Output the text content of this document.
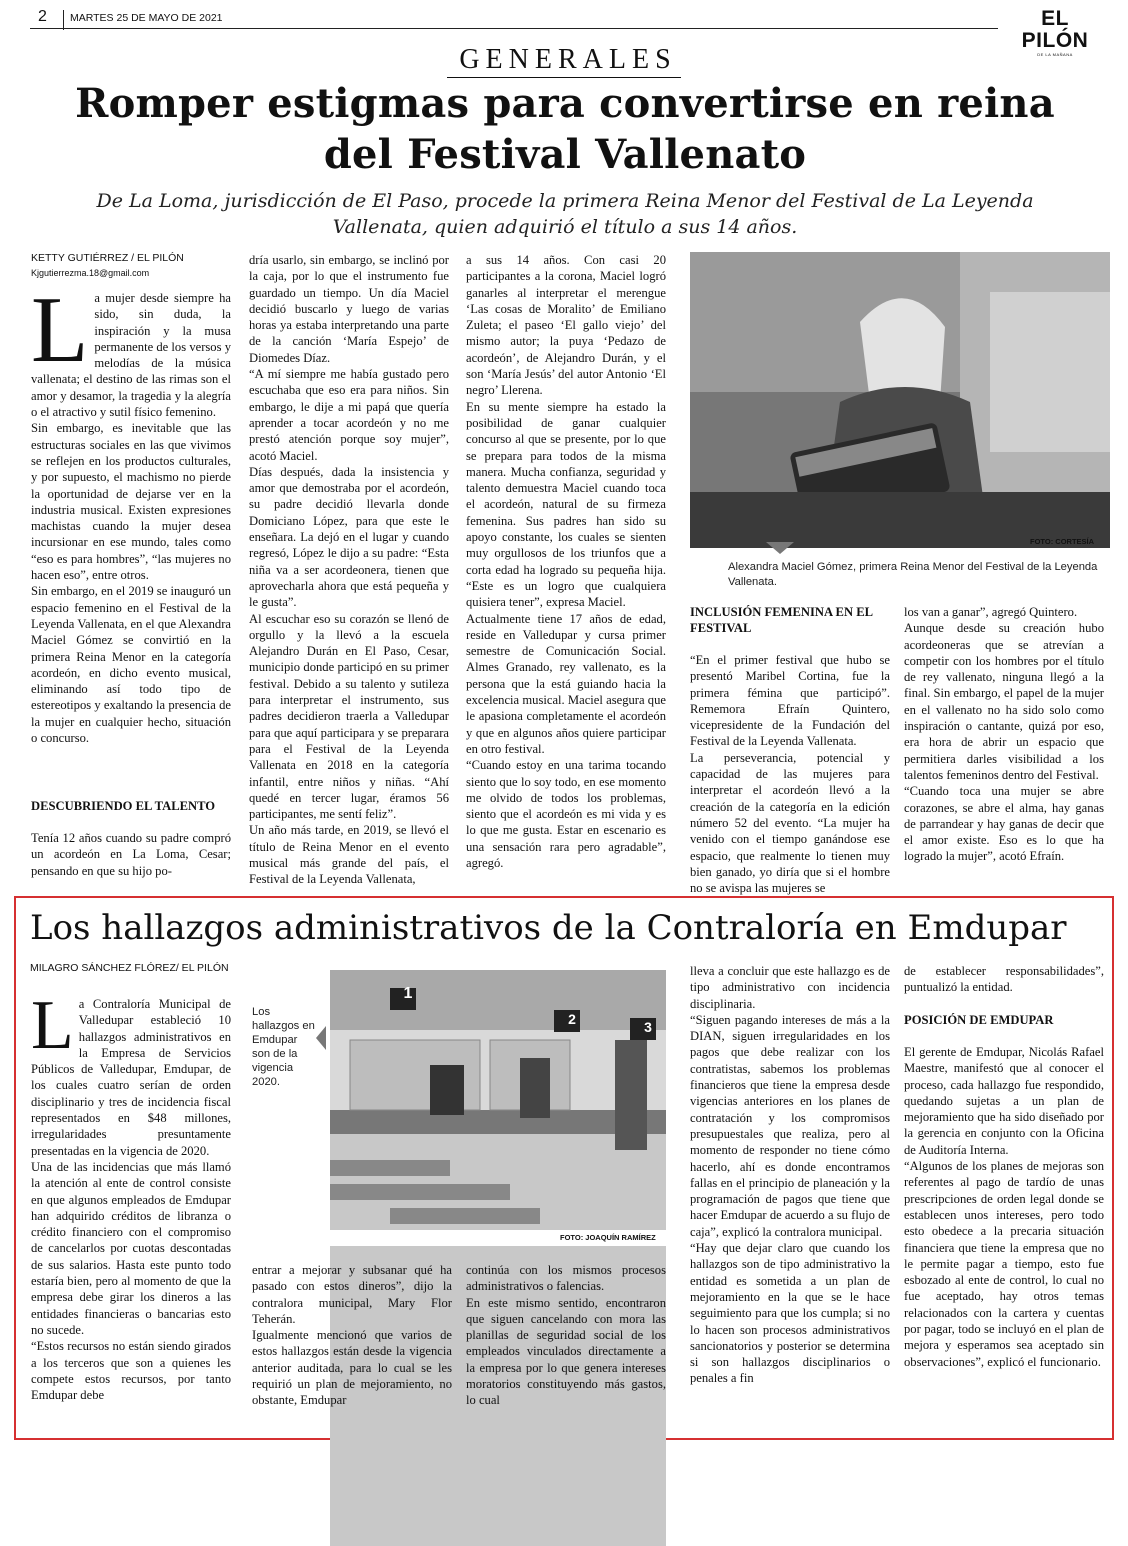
2 MARTES 25 DE MAYO DE 2021	EL PILÓN
DE LA MAÑANA
GENERALES
Romper estigmas para convertirse en reina del Festival Vallenato
De La Loma, jurisdicción de El Paso, procede la primera Reina Menor del Festival de La Leyenda Vallenata, quien adquirió el título a sus 14 años.
KETTY GUTIÉRREZ / EL PILÓN
Kjgutierrezma.18@gmail.com
L a mujer desde siempre ha sido, sin duda, la inspiración y la musa permanente de los versos y melodías de la música vallenata; el destino de las rimas son el amor y desamor, la tragedia y la alegría o el atractivo y sutil físico femenino.

Sin embargo, es inevitable que las estructuras sociales en las que vivimos se reflejen en los productos culturales, y por supuesto, el machismo no pierde la oportunidad de dejarse ver en la industria musical. Existen expresiones machistas cuando la mujer desea incursionar en ese mundo, tales como “eso es para hombres”, “las mujeres no hacen eso”, entre otros.

Sin embargo, en el 2019 se inauguró un espacio femenino en el Festival de la Leyenda Vallenata, en el que Alexandra Maciel Gómez se convirtió en la primera Reina Menor en la categoría acordeón, en dicho evento musical, eliminando así todo tipo de estereotipos y exaltando la presencia de la mujer en cualquier hecho, situación o concurso.

DESCUBRIENDO EL TALENTO
Tenía 12 años cuando su padre compró un acordeón en La Loma, Cesar; pensando en que su hijo po-

dría usarlo, sin embargo, se inclinó por la caja, por lo que el instrumento fue guardado un tiempo. Un día Maciel decidió buscarlo y luego de varias horas ya estaba interpretando una parte de la canción ‘María Espejo’ de Diomedes Díaz.

“A mí siempre me había gustado pero escuchaba que eso era para niños. Sin embargo, le dije a mi papá que quería aprender a tocar acordeón y no me prestó atención porque soy mujer”, acotó Maciel.

Días después, dada la insistencia y amor que demostraba por el acordeón, su padre decidió llevarla donde Domiciano López, para que este le enseñara. La dejó en el lugar y cuando regresó, López le dijo a su padre: “Esta niña va a ser acordeonera, tienen que aprovecharla ahora que está pequeña y le gusta”.

Al escuchar eso su corazón se llenó de orgullo y la llevó a la escuela Alejandro Durán en El Paso, Cesar, municipio donde participó en su primer festival. Debido a su talento y sutileza para interpretar el instrumento, sus padres decidieron traerla a Valledupar para que aquí participara y se preparara para el Festival de la Leyenda Vallenata en 2018 en la categoría infantil, entre niños y niñas. “Ahí quedé en tercer lugar, éramos 56 participantes, me sentí feliz”.

Un año más tarde, en 2019, se llevó el título de Reina Menor en el evento musical más grande del país, el Festival de la Leyenda Vallenata,

a sus 14 años. Con casi 20 participantes a la corona, Maciel logró ganarles al interpretar el merengue ‘Las cosas de Moralito’ de Emiliano Zuleta; el paseo ‘El gallo viejo’ del mismo autor; la puya ‘Pedazo de acordeón’, de Alejandro Durán, y el son ‘María Jesús’ del autor Antonio ‘El negro’ Llerena.

En su mente siempre ha estado la posibilidad de ganar cualquier concurso al que se presente, por lo que se prepara para todos de la misma manera. Mucha confianza, seguridad y talento demuestra Maciel cuando toca el acordeón, natural de su firmeza femenina. Sus padres han sido su apoyo constante, los cuales se sienten muy orgullosos de los triunfos que a corta edad ha logrado su pequeña hija. “Este es un logro que cualquiera quisiera tener”, expresa Maciel.

Actualmente tiene 17 años de edad, reside en Valledupar y cursa primer semestre de Comunicación Social. Almes Granado, rey vallenato, es la persona que la está guiando hacia la excelencia musical. Maciel asegura que le apasiona completamente el acordeón y que en algunos años quiere participar en otro festival.

“Cuando estoy en una tarima tocando siento que lo soy todo, en ese momento me olvido de todos los problemas, siento que el acordeón es mi vida y es lo que me gusta. Estar en escenario es una sensación rara pero agradable”, agregó.

FOTO: CORTESÍA
Alexandra Maciel Gómez, primera Reina Menor del Festival de la Leyenda Vallenata.
INCLUSIÓN FEMENINA EN EL FESTIVAL

“En el primer festival que hubo se presentó Maribel Cortina, fue la primera fémina que participó”. Rememora Efraín Quintero, vicepresidente de la Fundación del Festival de la Leyenda Vallenata.

La perseverancia, potencial y capacidad de las mujeres para interpretar el acordeón llevó a la creación de la categoría en la edición número 52 del evento. “La mujer ha venido con el tiempo ganándose ese espacio, que realmente lo tienen muy bien ganado, yo diría que si el hombre no se avispa las mujeres se

los van a ganar”, agregó Quintero.

Aunque desde su creación hubo acordeoneras que se atrevían a competir con los hombres por el título de rey vallenato, ninguna llegó a la final. Sin embargo, el papel de la mujer en el vallenato no ha sido solo como inspiración o cantante, quizá por eso, era hora de abrir un espacio que permitiera darles visibilidad a los talentos femeninos dentro del Festival.

“Cuando toca una mujer se abre corazones, se abre el alma, hay ganas de parrandear y hay ganas de decir que el amor existe. Eso es lo que ha logrado la mujer”, acotó Efraín.

Los hallazgos administrativos de la Contraloría en Emdupar
MILAGRO SÁNCHEZ FLÓREZ/ EL PILÓN
L a Contraloría Municipal de Valledupar estableció 10 hallazgos administrativos en la Empresa de Servicios Públicos de Valledupar, Emdupar, de los cuales cuatro serían de orden disciplinario y tres de incidencia fiscal representados en $48 millones, irregularidades presuntamente presentadas en la vigencia de 2020.

Una de las incidencias que más llamó la atención al ente de control consiste en que algunos empleados de Emdupar han adquirido créditos de libranza o crédito financiero con el compromiso de cancelarlos por cuotas descontadas de sus salarios. Hasta este punto todo estaría bien, pero al momento de que la empresa debe girar los dineros a las entidades financieras o bancarias esto no sucede.

“Estos recursos no están siendo girados a los terceros que son a quienes les compete estos recursos, por tanto Emdupar debe

Los hallazgos en Emdupar son de la vigencia 2020.
1
2	3
FOTO: JOAQUÍN RAMÍREZ

entrar a mejorar y subsanar qué ha pasado con estos dineros”, dijo la contralora municipal, Mary Flor Teherán.

Igualmente mencionó que varios de estos hallazgos están desde la vigencia anterior auditada, para lo cual se les requirió un plan de mejoramiento, no obstante, Emdupar

continúa con los mismos procesos administrativos o falencias.

En este mismo sentido, encontraron que siguen cancelando con mora las planillas de seguridad social de los empleados vinculados directamente a la empresa por lo que genera intereses moratorios constituyendo más gastos, lo cual

lleva a concluir que este hallazgo es de tipo administrativo con incidencia disciplinaria.

“Siguen pagando intereses de más a la DIAN, siguen irregularidades en los pagos que debe realizar con los contratistas, sabemos los problemas financieros que tiene la empresa desde vigencias anteriores en los planes de contratación y los compromisos presupuestales que realiza, pero al momento de responder no tiene cómo hacerlo, ahí es donde encontramos fallas en el principio de planeación y la programación de pagos que tiene que hacer Emdupar de acuerdo a su flujo de caja”, explicó la contralora municipal.

“Hay que dejar claro que cuando los hallazgos son de tipo administrativo la entidad es sometida a un plan de mejoramiento en la que se le hace seguimiento para que los cumpla; si no lo hacen son procesos administrativos sancionatorios y posterior se determina si son hallazgos disciplinarios o penales a fin

de establecer responsabilidades”, puntualizó la entidad.

POSICIÓN DE EMDUPAR

El gerente de Emdupar, Nicolás Rafael Maestre, manifestó que al conocer el proceso, cada hallazgo fue respondido, quedando sujetas a un plan de mejoramiento que ha sido diseñado por la gerencia en conjunto con la Oficina de Auditoría Interna.

“Algunos de los planes de mejoras son referentes al pago de tardío de unas prescripciones de orden legal donde se establecen unos intereses, pero todo esto obedece a la precaria situación financiera que tiene la empresa que no le permite pagar a tiempo, esto fue esbozado al ente de control, lo cual no fue aceptado, hay otros temas relacionados con la cartera y cuentas por pagar, todo se incluyó en el plan de mejora y esperamos sea aceptado sin observaciones”, explicó el funcionario.
